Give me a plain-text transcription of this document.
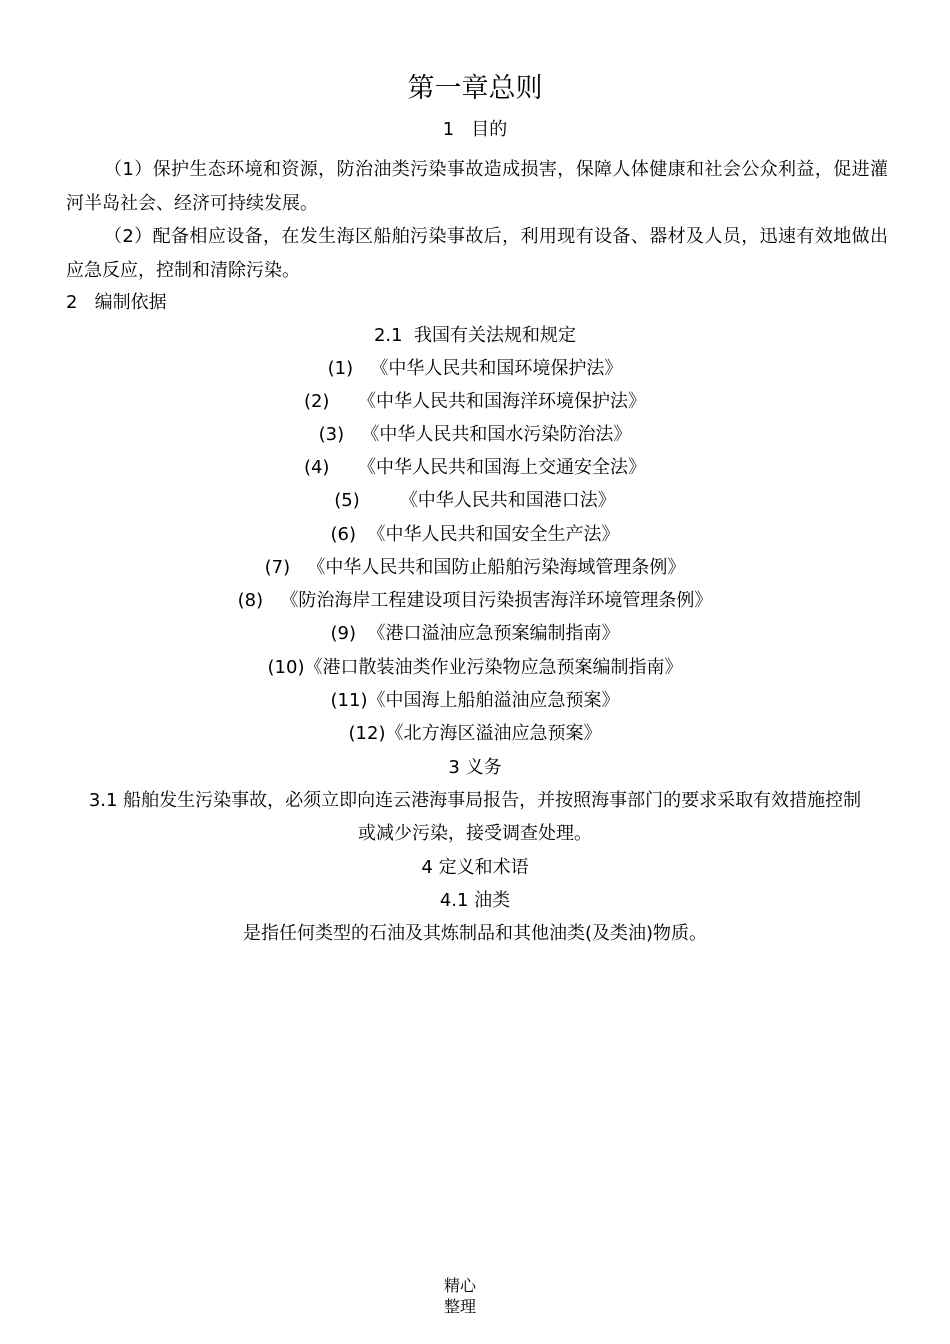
第一章总则
1   目的
（1）保护生态环境和资源，防治油类污染事故造成损害，保障人体健康和社会公众利益，促进灌河半岛社会、经济可持续发展。
（2）配备相应设备，在发生海区船舶污染事故后，利用现有设备、器材及人员，迅速有效地做出应急反应，控制和清除污染。
2   编制依据
2.1  我国有关法规和规定
(1)   《中华人民共和国环境保护法》
(2)     《中华人民共和国海洋环境保护法》
(3)   《中华人民共和国水污染防治法》
(4)     《中华人民共和国海上交通安全法》
(5)       《中华人民共和国港口法》
(6)  《中华人民共和国安全生产法》
(7)   《中华人民共和国防止船舶污染海域管理条例》
(8)   《防治海岸工程建设项目污染损害海洋环境管理条例》
(9)  《港口溢油应急预案编制指南》
(10)《港口散装油类作业污染物应急预案编制指南》
(11)《中国海上船舶溢油应急预案》
(12)《北方海区溢油应急预案》
3 义务
3.1 船舶发生污染事故，必须立即向连云港海事局报告，并按照海事部门的要求采取有效措施控制
或减少污染，接受调查处理。
4 定义和术语
4.1 油类
是指任何类型的石油及其炼制品和其他油类(及类油)物质。
精心
整理
